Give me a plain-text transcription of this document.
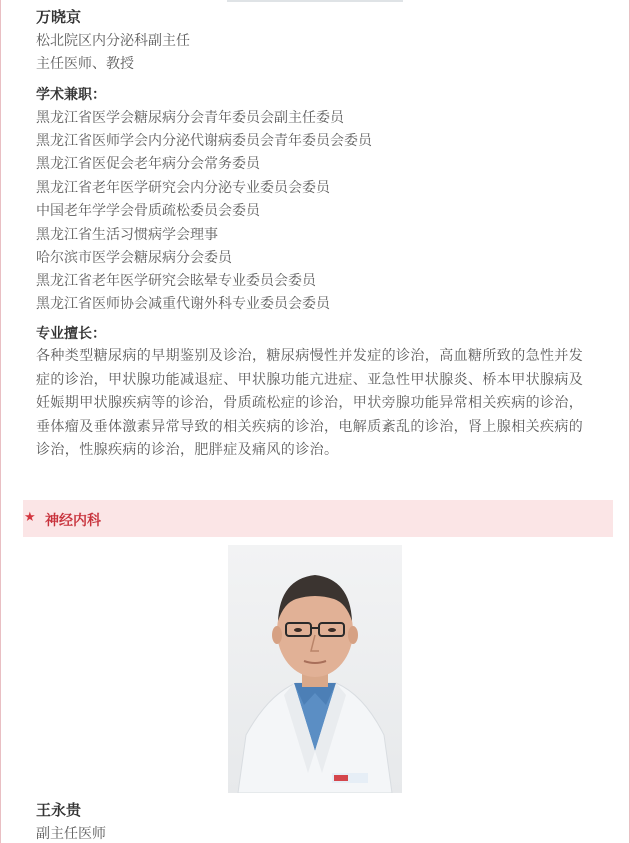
万晓京
松北院区内分泌科副主任
主任医师、教授
学术兼职：
黑龙江省医学会糖尿病分会青年委员会副主任委员
黑龙江省医师学会内分泌代谢病委员会青年委员会委员
黑龙江省医促会老年病分会常务委员
黑龙江省老年医学研究会内分泌专业委员会委员
中国老年学学会骨质疏松委员会委员
黑龙江省生活习惯病学会理事
哈尔滨市医学会糖尿病分会委员
黑龙江省老年医学研究会眩晕专业委员会委员
黑龙江省医师协会减重代谢外科专业委员会委员
专业擅长：
各种类型糖尿病的早期鉴别及诊治，糖尿病慢性并发症的诊治，高血糖所致的急性并发症的诊治，甲状腺功能减退症、甲状腺功能亢进症、亚急性甲状腺炎、桥本甲状腺病及妊娠期甲状腺疾病等的诊治，骨质疏松症的诊治，甲状旁腺功能异常相关疾病的诊治，垂体瘤及垂体激素异常导致的相关疾病的诊治，电解质紊乱的诊治，肾上腺相关疾病的诊治，性腺疾病的诊治，肥胖症及痛风的诊治。
★ 神经内科
王永贵
副主任医师
